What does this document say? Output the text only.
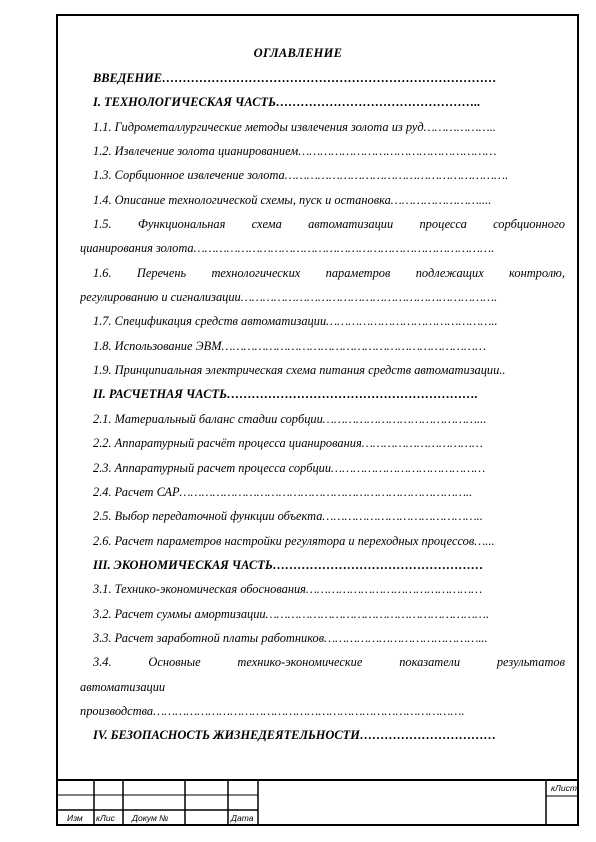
ОГЛАВЛЕНИЕ
ВВЕДЕНИЕ………………………………………………………………………
I. ТЕХНОЛОГИЧЕСКАЯ ЧАСТЬ…………………………………………..
1.1. Гидрометаллургические методы извлечения золота из руд………………..
1.2. Извлечение золота цианированием………………………………………………
1.3. Сорбционное извлечение золота…………………………………………………….
1.4. Описание технологической схемы, пуск и остановка……………………....
1.5. Функциональная схема автоматизации процесса сорбционного
цианирования золота……………………………………………………………………….
1.6. Перечень технологических параметров подлежащих контролю,
регулированию и сигнализации…………………………………………………………….
1.7. Спецификация средств автоматизации………………………………………..
1.8. Использование ЭВМ………………………………………………………………
1.9. Принципиальная электрическая схема питания средств автоматизации..
II. РАСЧЕТНАЯ ЧАСТЬ…………………………………………………….
2.1. Материальный баланс стадии сорбции……………………………………...
2.2. Аппаратурный расчёт процесса цианирования……………………………
2.3. Аппаратурный расчет процесса сорбции……………………………………
2.4. Расчет САР……………………………………………………………………..
2.5. Выбор передаточной функции объекта……………………………………..
2.6. Расчет параметров настройки регулятора и переходных процессов…...
III. ЭКОНОМИЧЕСКАЯ ЧАСТЬ……………………………………………
3.1. Технико-экономическая обоснования…………………………………………
3.2. Расчет суммы амортизации…………………………………………………….
3.3. Расчет заработной платы работников……………………………………...
3.4. Основные технико-экономические показатели результатов
автоматизации
производства………………………………………………………………………….
IV. БЕЗОПАСНОСТЬ ЖИЗНЕДЕЯТЕЛЬНОСТИ……………………………
Изм кЛис Докум №	Дата
кЛист
